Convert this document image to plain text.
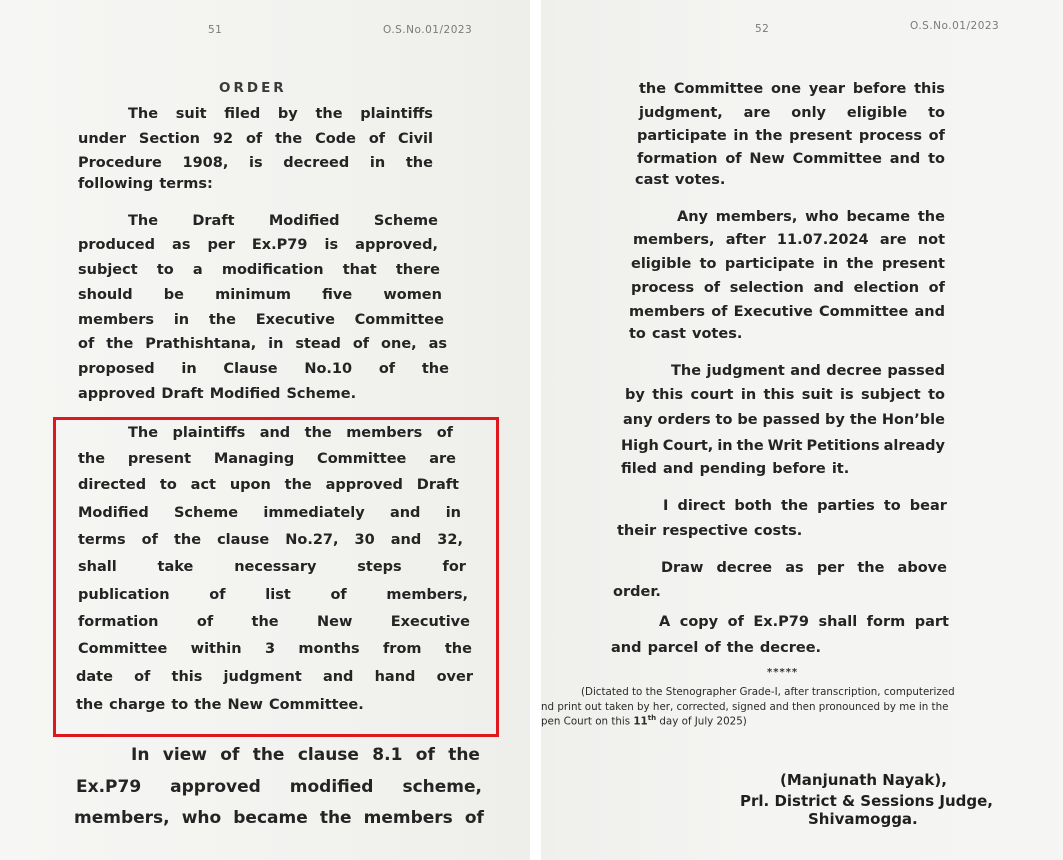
51	O.S.No.01/2023

ORDER

The suit filed by the plaintiffs

under Section 92 of the Code of Civil

Procedure 1908, is decreed in the

following terms:

The Draft Modified Scheme

produced as per Ex.P79 is approved,

subject to a modification that there

should be minimum five women

members in the Executive Committee

of the Prathishtana, in stead of one, as

proposed in Clause No.10 of the

approved Draft Modified Scheme.

The plaintiffs and the members of

the present Managing Committee are

directed to act upon the approved Draft

Modified Scheme immediately and in

terms of the clause No.27, 30 and 32,

shall	take	necessary	steps	for

publication	of	list	of	members,

formation	of	the	New	Executive

Committee within 3 months from the

date of this judgment and hand over

the charge to the New Committee.

In view of the clause 8.1 of the

Ex.P79 approved modified scheme,

members, who became the members of

52	O.S.No.01/2023

the Committee one year before this

judgment, are only eligible to

participate in the present process of

formation of New Committee and to

cast votes.

Any members, who became the

members, after 11.07.2024 are not

eligible to participate in the present

process of selection and election of

members of Executive Committee and

to cast votes.

The judgment and decree passed

by this court in this suit is subject to

any orders to be passed by the Hon’ble

High Court, in the Writ Petitions already

filed and pending before it.

I direct both the parties to bear

their respective costs.

Draw decree as per the above

order.

A copy of Ex.P79 shall form part

and parcel of the decree.

*****

(Dictated to the Stenographer Grade-I, after transcription, computerized

nd print out taken by her, corrected, signed and then pronounced by me in the

pen Court on this 11th day of July 2025)

(Manjunath Nayak),

Prl. District & Sessions Judge,

Shivamogga.
